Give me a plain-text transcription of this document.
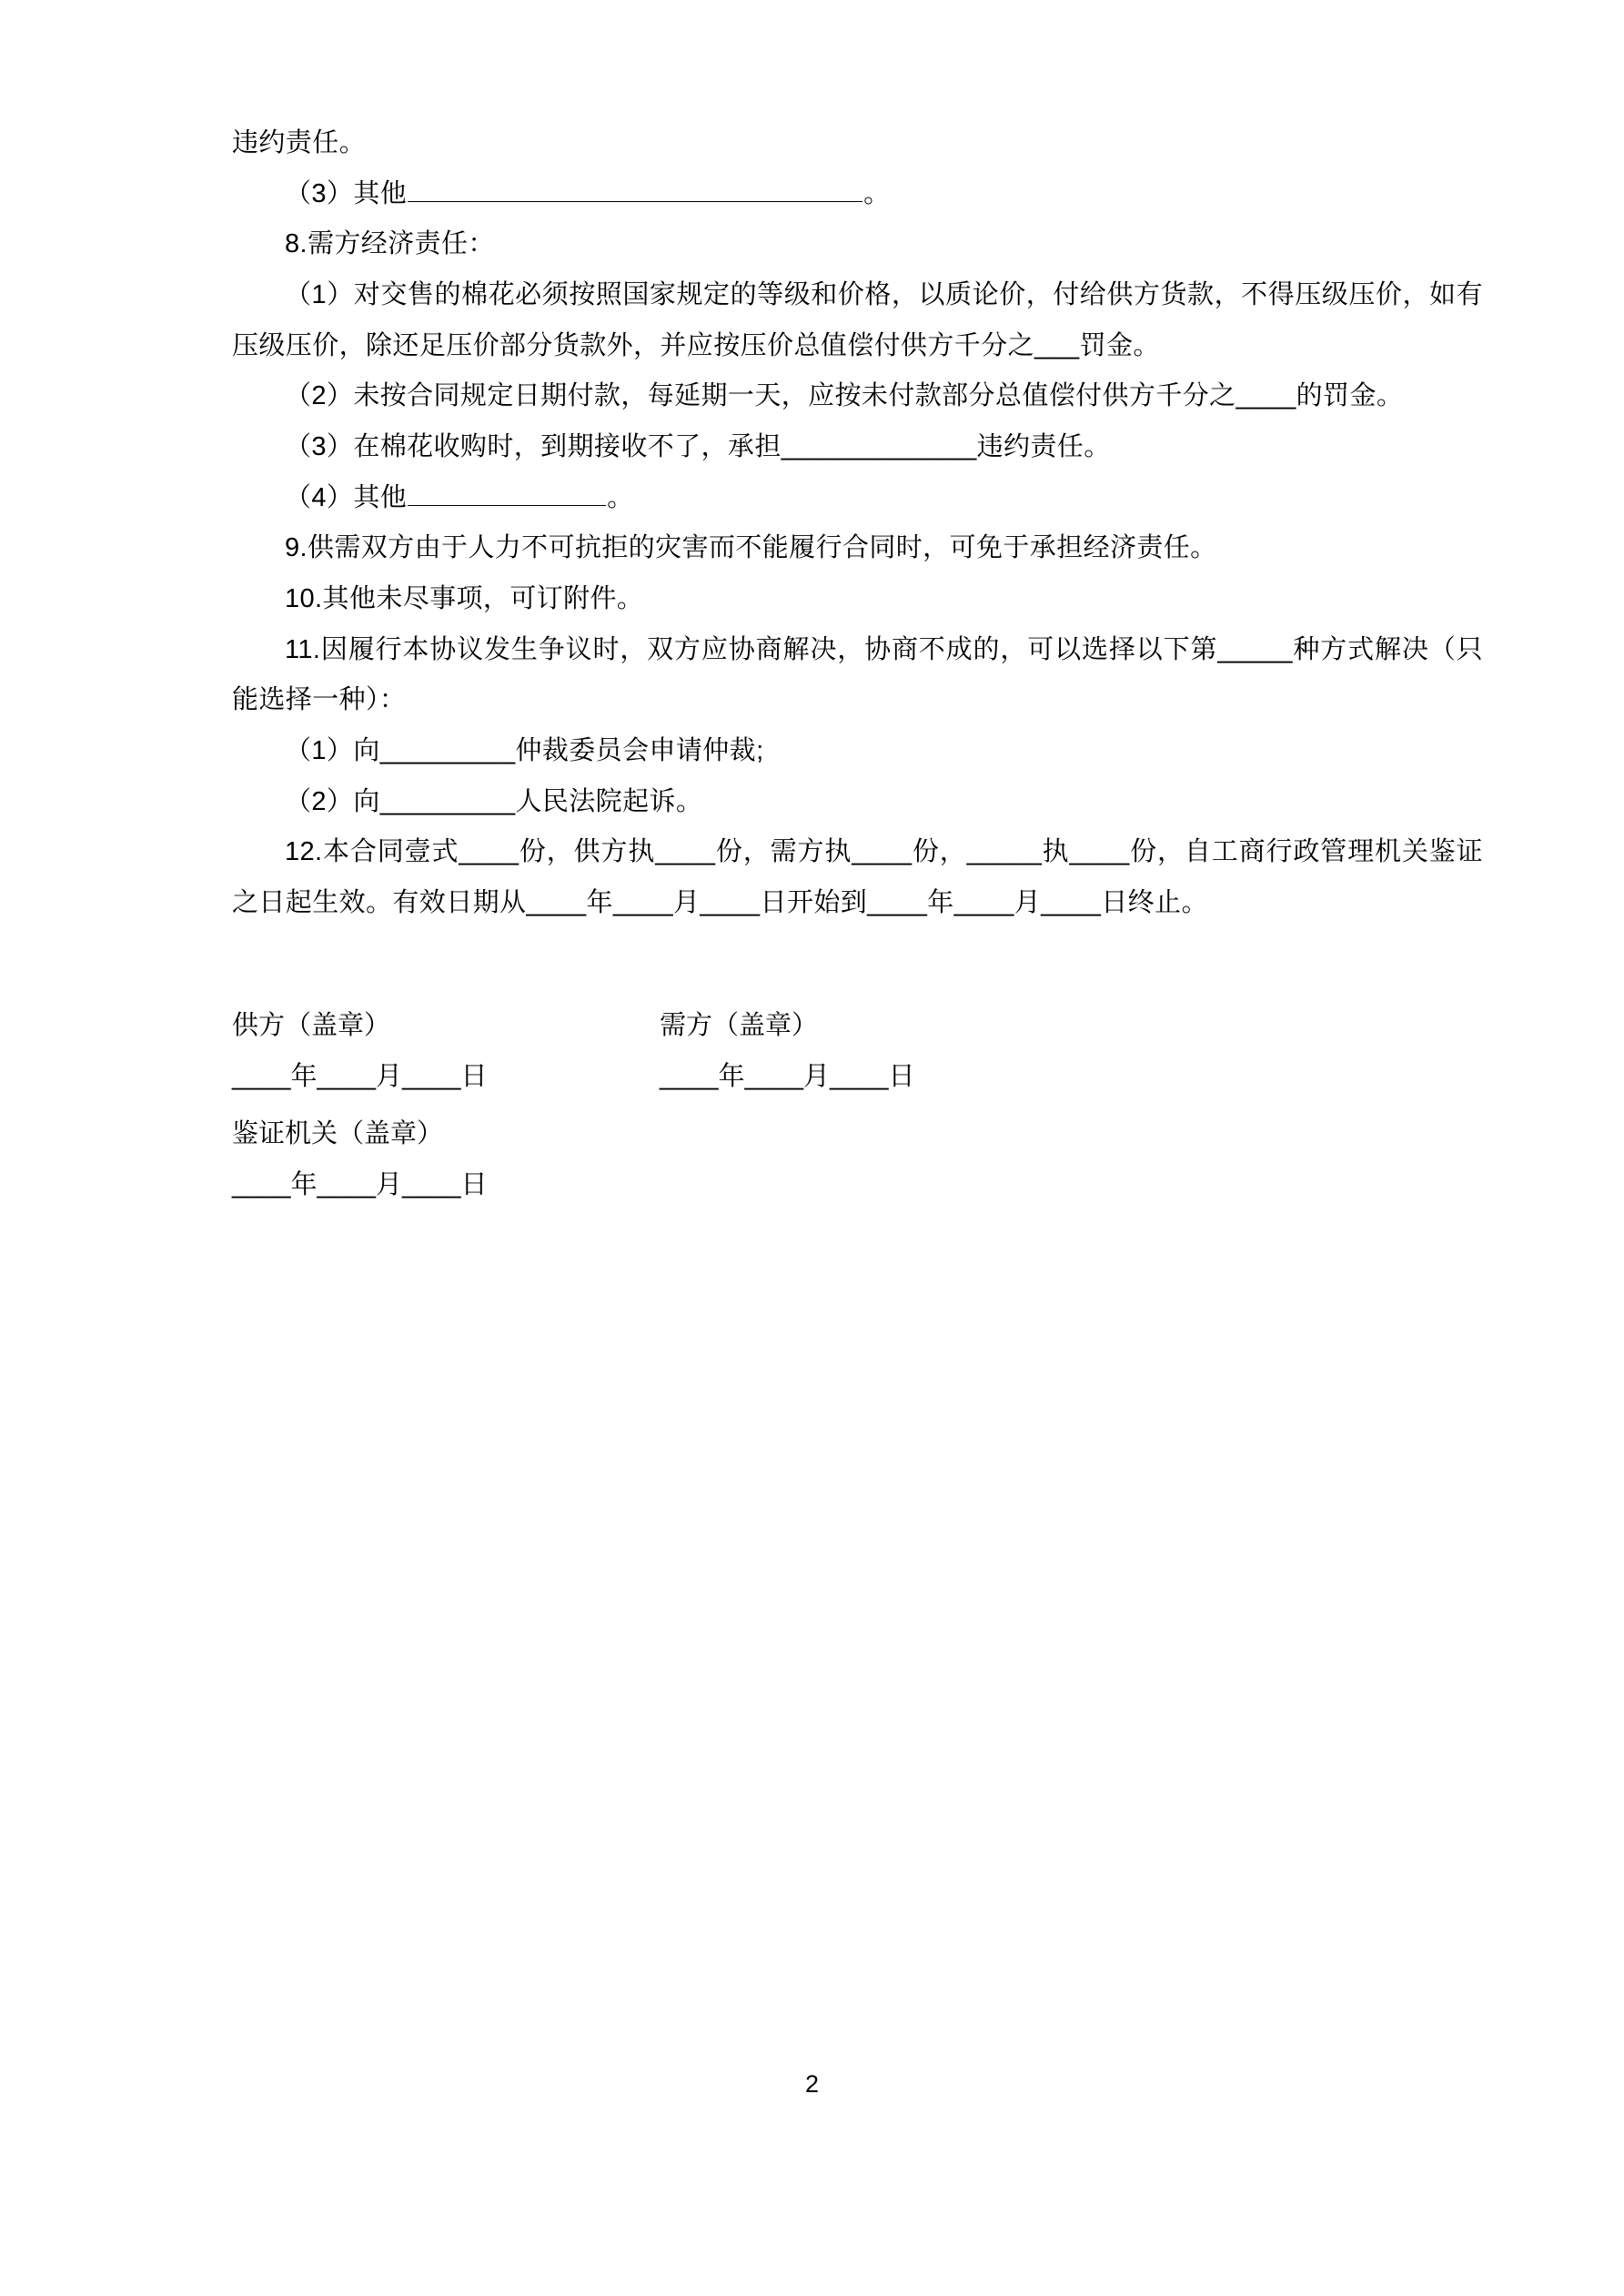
违约责任。

（3）其他	。

8.需方经济责任：

（1）对交售的棉花必须按照国家规定的等级和价格，以质论价，付给供方货款，不得压级压价，如有压级压价，除还足压价部分货款外，并应按压价总值偿付供方千分之___罚金。

（2）未按合同规定日期付款，每延期一天，应按未付款部分总值偿付供方千分之____的罚金。

（3）在棉花收购时，到期接收不了，承担_____________违约责任。

（4）其他	。

9.供需双方由于人力不可抗拒的灾害而不能履行合同时，可免于承担经济责任。

10.其他未尽事项，可订附件。

11.因履行本协议发生争议时，双方应协商解决，协商不成的，可以选择以下第_____种方式解决（只能选择一种）：

（1）向_________仲裁委员会申请仲裁;

（2）向_________人民法院起诉。

12.本合同壹式____份，供方执____份，需方执____份，_____执____份，自工商行政管理机关鉴证之日起生效。有效日期从____年____月____日开始到____年____月____日终止。

供方（盖章）	需方（盖章）
____年____月____日	____年____月____日
鉴证机关（盖章）
____年____月____日
2
